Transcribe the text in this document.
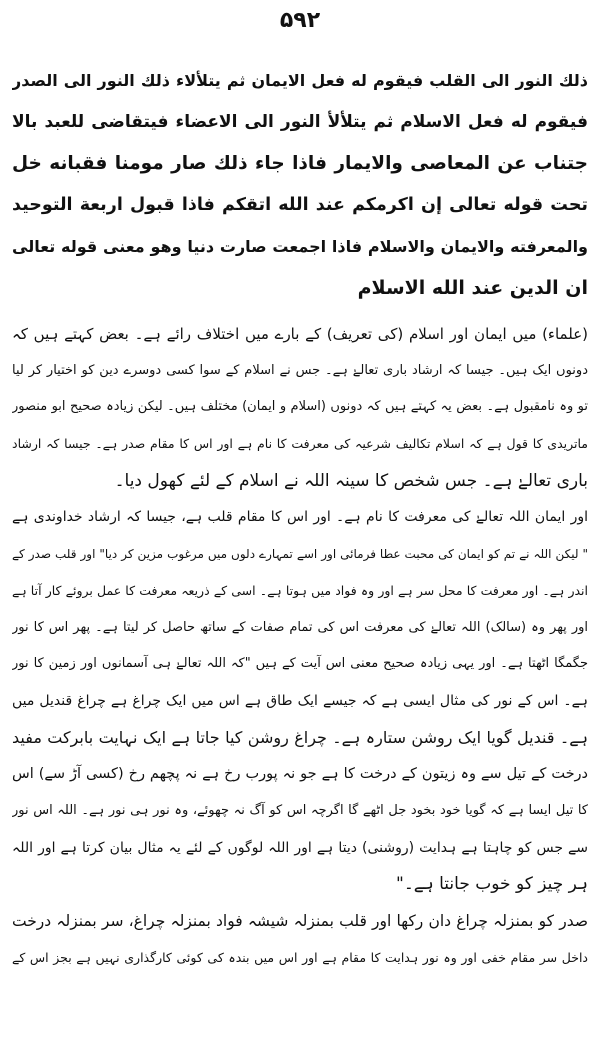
۵۹۲
ذلك النور الى القلب فيقوم له فعل الايمان ثم يتلألاء ذلك النور الى الصدر
فيقوم له فعل الاسلام ثم يتلألأ النور الى الاعضاء فيتقاضى للعبد بالا
جتناب عن المعاصى والايمار فاذا جاء ذلك صار مومنا فقبانه خل
تحت قوله تعالى إن اكرمكم عند الله اتقكم فاذا قبول اربعة التوحيد
والمعرفته والايمان والاسلام فاذا اجمعت صارت دنيا وهو معنى قوله تعالى
ان الدين عند الله الاسلام
(علماء) میں ایمان اور اسلام (کی تعریف) کے بارے میں اختلاف رائے ہے۔ بعض کہتے ہیں کہ
دونوں ایک ہیں۔ جیسا کہ ارشاد باری تعالےٰ ہے۔ جس نے اسلام کے سوا کسی دوسرے دین کو اختیار کر لیا
تو وہ نامقبول ہے۔ بعض یہ کہتے ہیں کہ دونوں (اسلام و ایمان) مختلف ہیں۔ لیکن زیادہ صحیح ابو منصور
ماتریدی کا قول ہے کہ اسلام تکالیف شرعیہ کی معرفت کا نام ہے اور اس کا مقام صدر ہے۔ جیسا کہ ارشاد
باری تعالےٰ ہے۔ جس شخص کا سینہ اللہ نے اسلام کے لئے کھول دیا۔
اور ایمان اللہ تعالےٰ کی معرفت کا نام ہے۔ اور اس کا مقام قلب ہے، جیسا کہ ارشاد خداوندی ہے
" لیکن اللہ نے تم کو ایمان کی محبت عطا فرمائی اور اسے تمہارے دلوں میں مرغوب مزین کر دیا" اور قلب صدر کے
اندر ہے۔ اور معرفت کا محل سر ہے اور وہ فواد میں ہوتا ہے۔ اسی کے ذریعہ معرفت کا عمل بروئے کار آتا ہے
اور پھر وہ (سالک) اللہ تعالےٰ کی معرفت اس کی تمام صفات کے ساتھ حاصل کر لیتا ہے۔ پھر اس کا نور
جگمگا اٹھتا ہے۔ اور یہی زیادہ صحیح معنی اس آیت کے ہیں "کہ اللہ تعالےٰ ہی آسمانوں اور زمین کا نور
ہے۔ اس کے نور کی مثال ایسی ہے کہ جیسے ایک طاق ہے اس میں ایک چراغ ہے چراغ قندیل میں
ہے۔ قندیل گویا ایک روشن ستارہ ہے۔ چراغ روشن کیا جاتا ہے ایک نہایت بابرکت مفید
درخت کے تیل سے وہ زیتون کے درخت کا ہے جو نہ پورب رخ ہے نہ پچھم رخ (کسی آڑ سے) اس
کا تیل ایسا ہے کہ گویا خود بخود جل اٹھے گا اگرچہ اس کو آگ نہ چھوئے، وہ نور ہی نور ہے۔ اللہ اس نور
سے جس کو چاہتا ہے ہدایت (روشنی) دیتا ہے اور اللہ لوگوں کے لئے یہ مثال بیان کرتا ہے اور اللہ
ہر چیز کو خوب جانتا ہے۔"
صدر کو بمنزلہ چراغ دان رکھا اور قلب بمنزلہ شیشہ فواد بمنزلہ چراغ، سر بمنزلہ درخت
داخل سر مقام خفی اور وہ نور ہدایت کا مقام ہے اور اس میں بندہ کی کوئی کارگذاری نہیں ہے بجز اس کے
